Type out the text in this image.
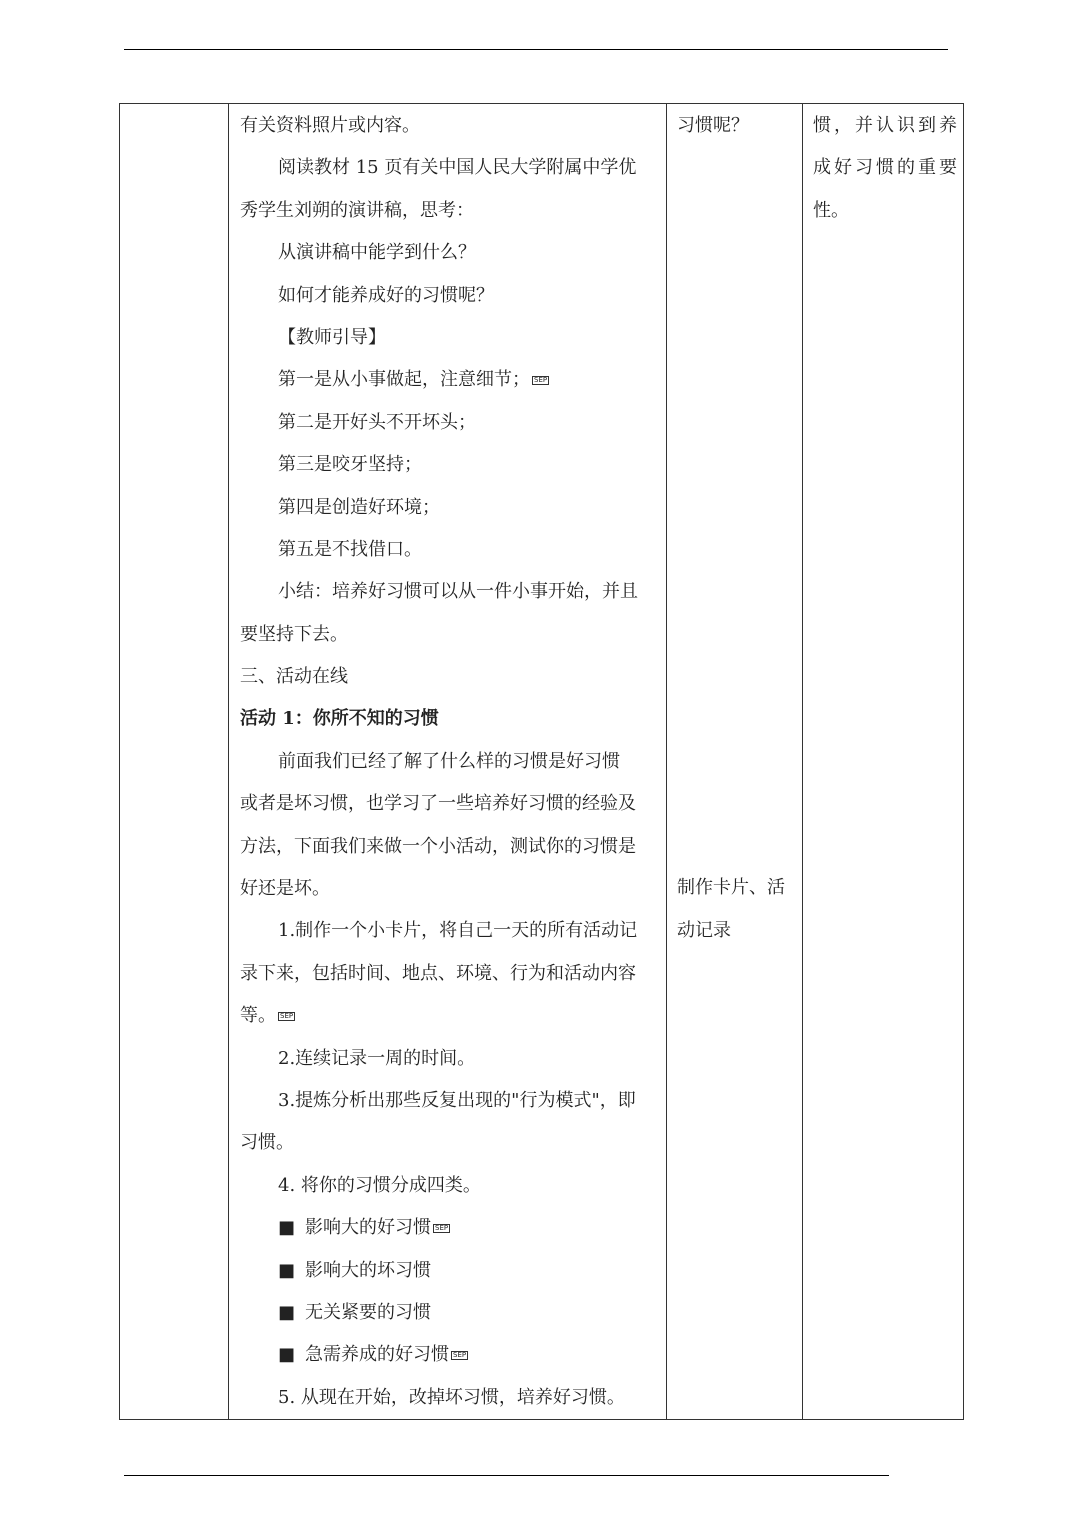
有关资料照片或内容。
阅读教材 15 页有关中国人民大学附属中学优
秀学生刘朔的演讲稿，思考：
从演讲稿中能学到什么？
如何才能养成好的习惯呢？
【教师引导】
第一是从小事做起，注意细节； SEP
第二是开好头不开坏头；
第三是咬牙坚持；
第四是创造好环境；
第五是不找借口。
小结：培养好习惯可以从一件小事开始，并且
要坚持下去。
三、活动在线
活动 1：你所不知的习惯
前面我们已经了解了什么样的习惯是好习惯
或者是坏习惯，也学习了一些培养好习惯的经验及
方法，下面我们来做一个小活动，测试你的习惯是
好还是坏。
1.制作一个小卡片，将自己一天的所有活动记
录下来，包括时间、地点、环境、行为和活动内容
等。 SEP
2.连续记录一周的时间。
3.提炼分析出那些反复出现的"行为模式"，即
习惯。
4. 将你的习惯分成四类。
■ 影响大的好习惯 SEP
■ 影响大的坏习惯
■ 无关紧要的习惯
■ 急需养成的好习惯 SEP
5. 从现在开始，改掉坏习惯，培养好习惯。

习惯呢？
制作卡片、活
动记录

惯，并认识到养
成好习惯的重要
性。
